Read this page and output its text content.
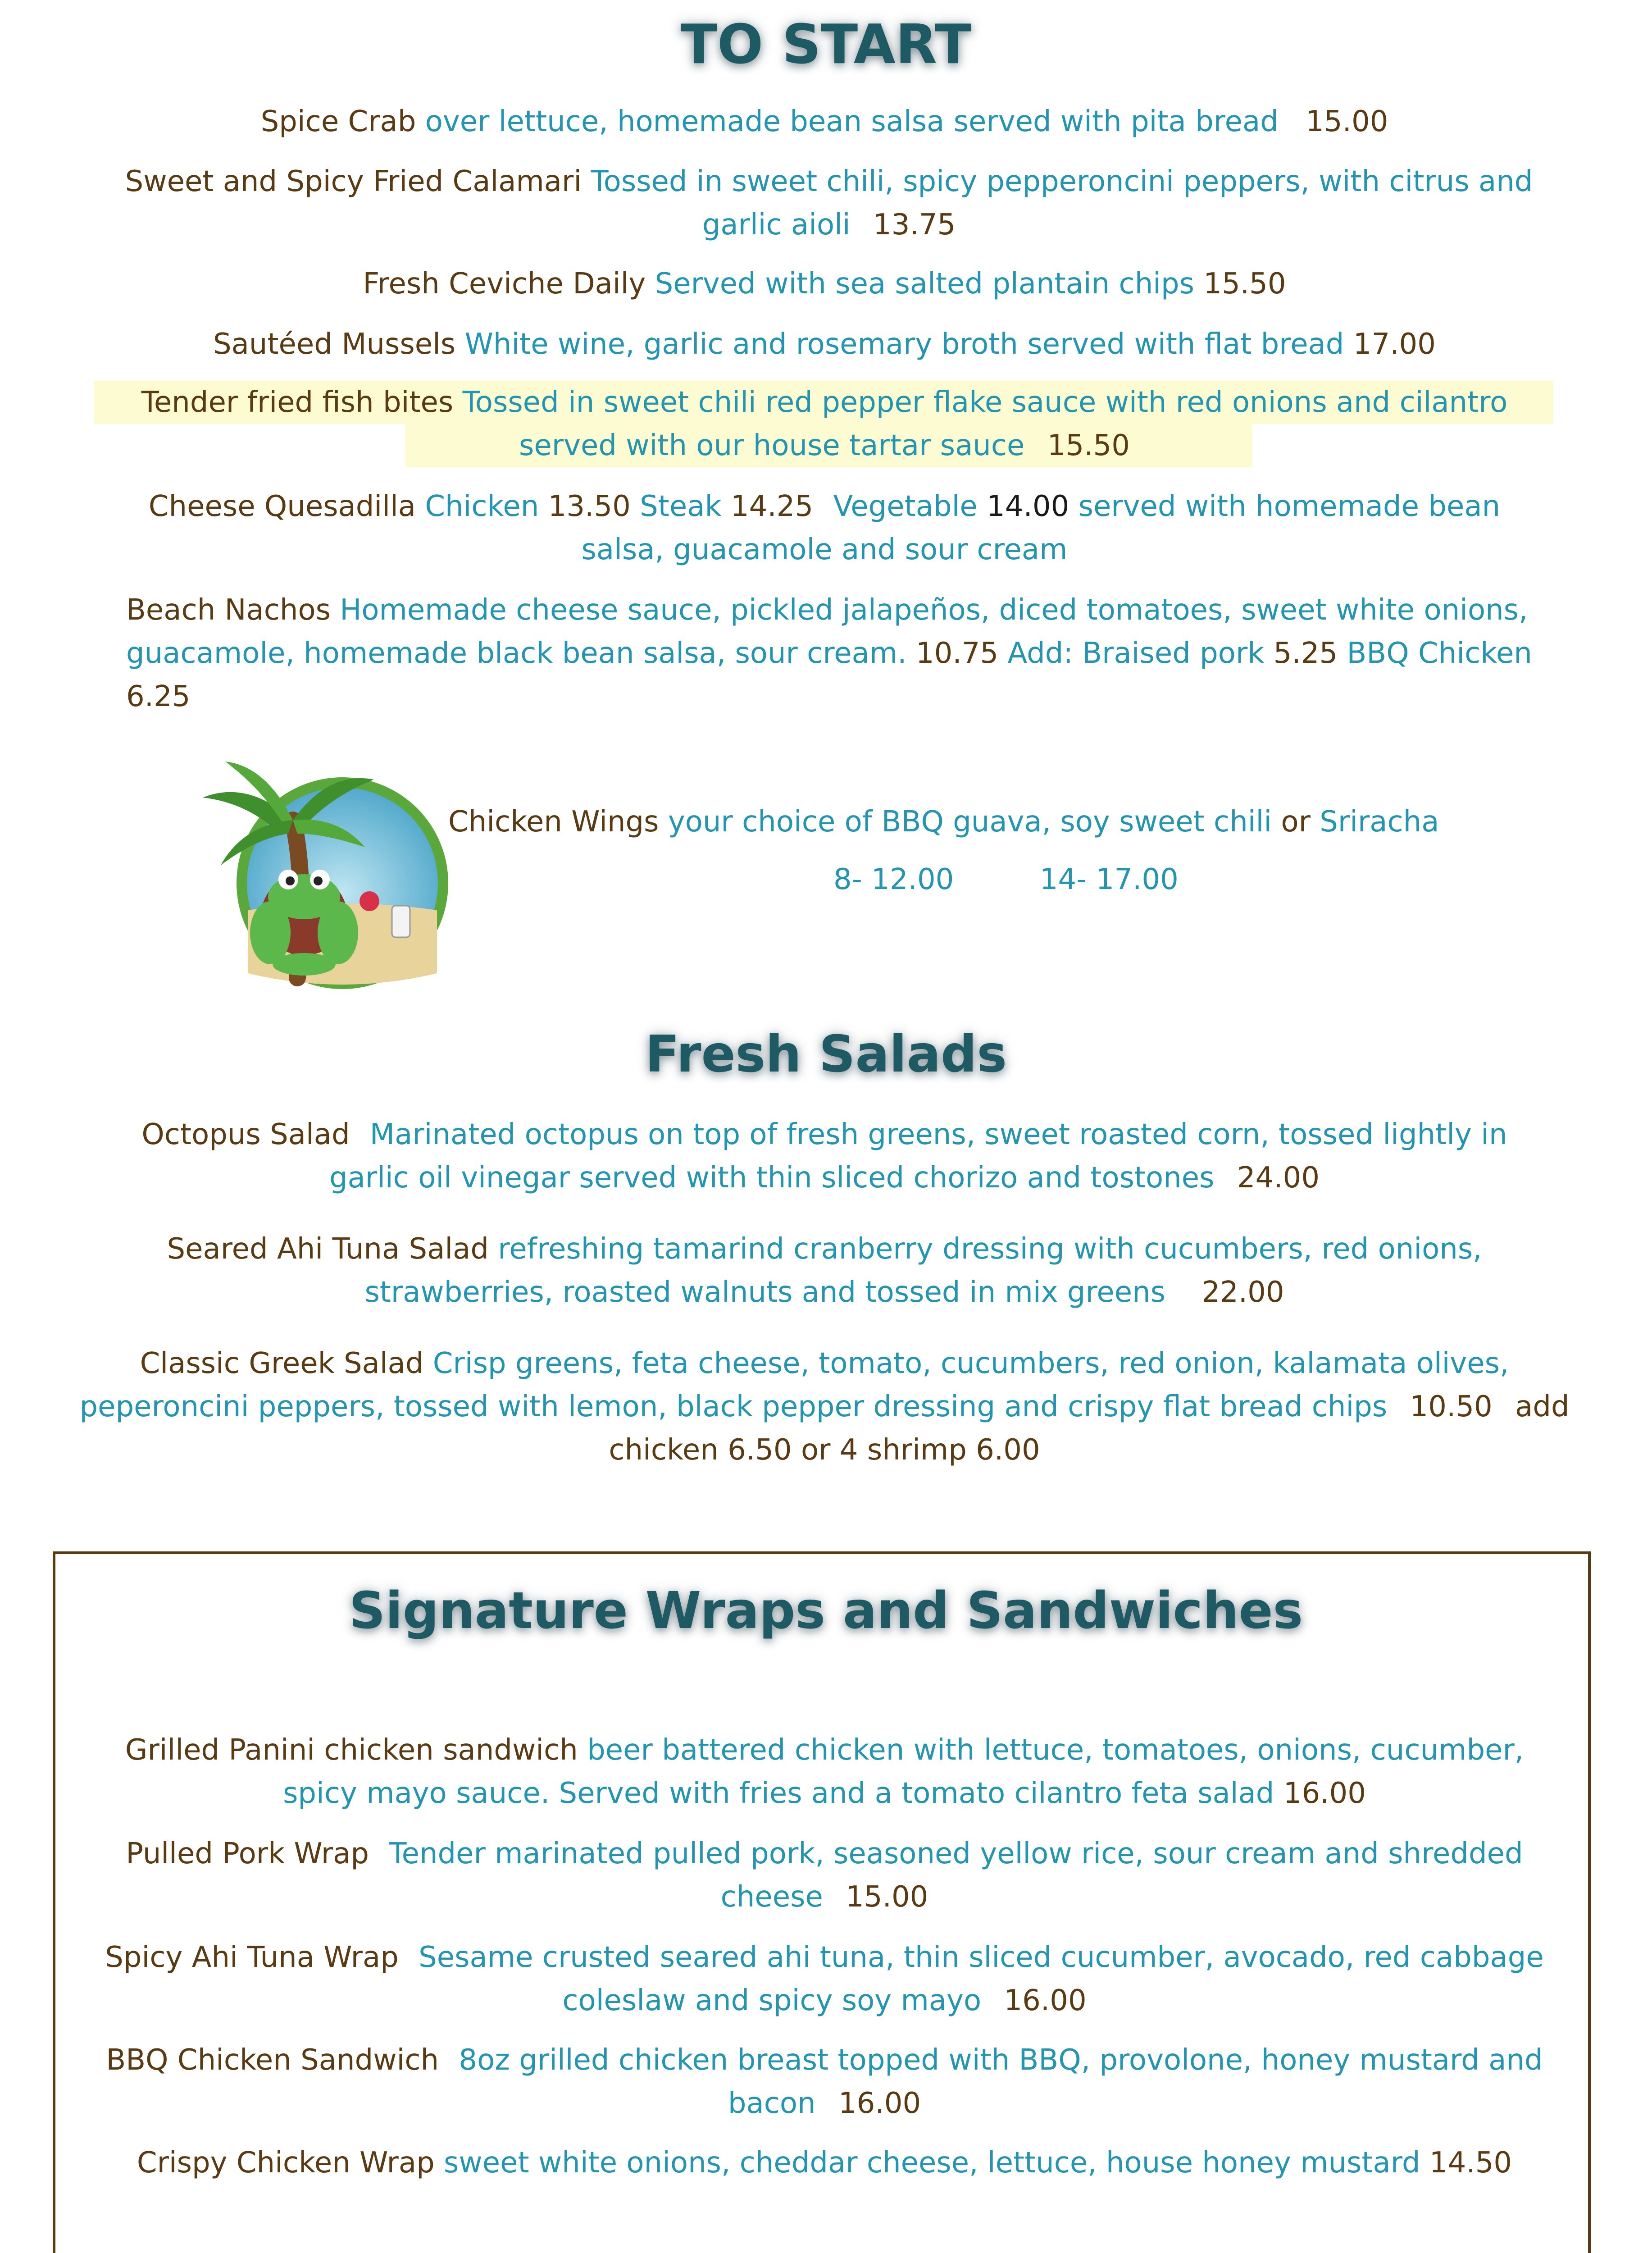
TO START

Spice Crab over lettuce, homemade bean salsa served with pita bread 15.00

Sweet and Spicy Fried Calamari Tossed in sweet chili, spicy pepperoncini peppers, with citrus and garlic aioli 13.75

Fresh Ceviche Daily Served with sea salted plantain chips 15.50

Sautéed Mussels White wine, garlic and rosemary broth served with flat bread 17.00

Tender fried fish bites Tossed in sweet chili red pepper flake sauce with red onions and cilantro served with our house tartar sauce 15.50

Cheese Quesadilla Chicken 13.50 Steak 14.25 Vegetable 14.00 served with homemade bean salsa, guacamole and sour cream

Beach Nachos Homemade cheese sauce, pickled jalapeños, diced tomatoes, sweet white onions, guacamole, homemade black bean salsa, sour cream. 10.75 Add: Braised pork 5.25 BBQ Chicken 6.25

Chicken Wings your choice of BBQ guava, soy sweet chili or Sriracha

8- 12.00	14- 17.00

Fresh Salads

Octopus Salad Marinated octopus on top of fresh greens, sweet roasted corn, tossed lightly in garlic oil vinegar served with thin sliced chorizo and tostones 24.00

Seared Ahi Tuna Salad refreshing tamarind cranberry dressing with cucumbers, red onions, strawberries, roasted walnuts and tossed in mix greens 22.00

Classic Greek Salad Crisp greens, feta cheese, tomato, cucumbers, red onion, kalamata olives, peperoncini peppers, tossed with lemon, black pepper dressing and crispy flat bread chips 10.50 add chicken 6.50 or 4 shrimp 6.00

Signature Wraps and Sandwiches

Grilled Panini chicken sandwich beer battered chicken with lettuce, tomatoes, onions, cucumber, spicy mayo sauce. Served with fries and a tomato cilantro feta salad 16.00

Pulled Pork Wrap Tender marinated pulled pork, seasoned yellow rice, sour cream and shredded cheese 15.00

Spicy Ahi Tuna Wrap Sesame crusted seared ahi tuna, thin sliced cucumber, avocado, red cabbage coleslaw and spicy soy mayo 16.00

BBQ Chicken Sandwich 8oz grilled chicken breast topped with BBQ, provolone, honey mustard and bacon 16.00

Crispy Chicken Wrap sweet white onions, cheddar cheese, lettuce, house honey mustard 14.50
